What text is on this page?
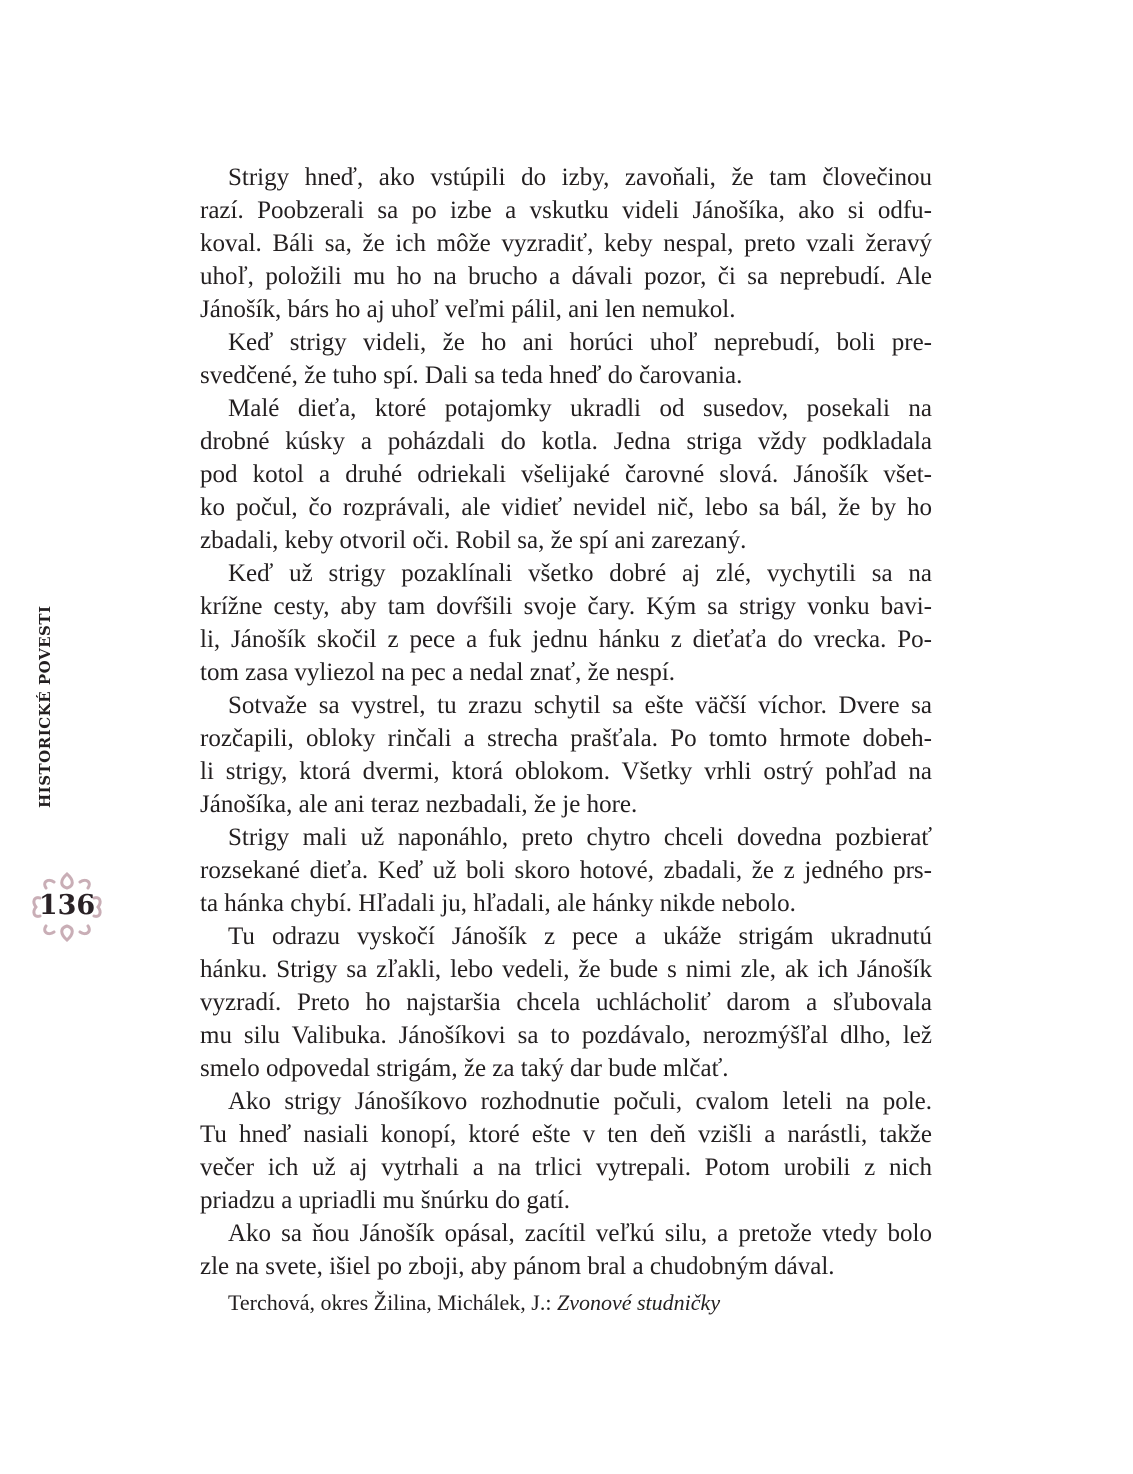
HISTORICKÉ POVESTI
136
Strigy hneď, ako vstúpili do izby, zavoňali, že tam človečinou
razí. Poobzerali sa po izbe a vskutku videli Jánošíka, ako si odfu-
koval. Báli sa, že ich môže vyzradiť, keby nespal, preto vzali žeravý
uhoľ, položili mu ho na brucho a dávali pozor, či sa neprebudí. Ale
Jánošík, bárs ho aj uhoľ veľmi pálil, ani len nemukol.
Keď strigy videli, že ho ani horúci uhoľ neprebudí, boli pre-
svedčené, že tuho spí. Dali sa teda hneď do čarovania.
Malé dieťa, ktoré potajomky ukradli od susedov, posekali na
drobné kúsky a poházdali do kotla. Jedna striga vždy podkladala
pod kotol a druhé odriekali všelijaké čarovné slová. Jánošík všet-
ko počul, čo rozprávali, ale vidieť nevidel nič, lebo sa bál, že by ho
zbadali, keby otvoril oči. Robil sa, že spí ani zarezaný.
Keď už strigy pozaklínali všetko dobré aj zlé, vychytili sa na
krížne cesty, aby tam dovŕšili svoje čary. Kým sa strigy vonku bavi-
li, Jánošík skočil z pece a fuk jednu hánku z dieťaťa do vrecka. Po-
tom zasa vyliezol na pec a nedal znať, že nespí.
Sotvaže sa vystrel, tu zrazu schytil sa ešte väčší víchor. Dvere sa
rozčapili, obloky rinčali a strecha prašťala. Po tomto hrmote dobeh-
li strigy, ktorá dvermi, ktorá oblokom. Všetky vrhli ostrý pohľad na
Jánošíka, ale ani teraz nezbadali, že je hore.
Strigy mali už naponáhlo, preto chytro chceli dovedna pozbierať
rozsekané dieťa. Keď už boli skoro hotové, zbadali, že z jedného prs-
ta hánka chybí. Hľadali ju, hľadali, ale hánky nikde nebolo.
Tu odrazu vyskočí Jánošík z pece a ukáže strigám ukradnutú
hánku. Strigy sa zľakli, lebo vedeli, že bude s nimi zle, ak ich Jánošík
vyzradí. Preto ho najstaršia chcela uchlácholiť darom a sľubovala
mu silu Valibuka. Jánošíkovi sa to pozdávalo, nerozmýšľal dlho, lež
smelo odpovedal strigám, že za taký dar bude mlčať.
Ako strigy Jánošíkovo rozhodnutie počuli, cvalom leteli na pole.
Tu hneď nasiali konopí, ktoré ešte v ten deň vzišli a narástli, takže
večer ich už aj vytrhali a na trlici vytrepali. Potom urobili z nich
priadzu a upriadli mu šnúrku do gatí.
Ako sa ňou Jánošík opásal, zacítil veľkú silu, a pretože vtedy bolo
zle na svete, išiel po zboji, aby pánom bral a chudobným dával.
Terchová, okres Žilina, Michálek, J.: Zvonové studničky
